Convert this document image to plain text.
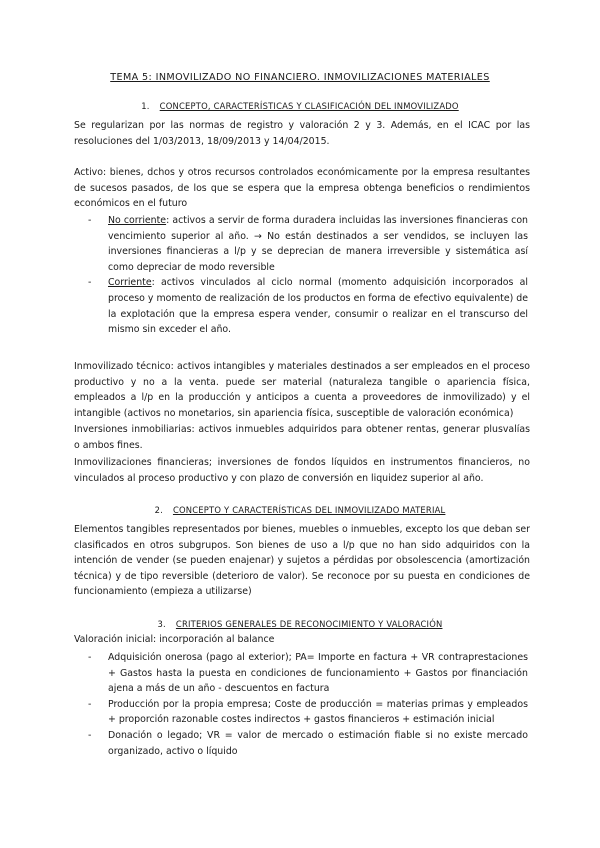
TEMA 5: INMOVILIZADO NO FINANCIERO. INMOVILIZACIONES MATERIALES
1. CONCEPTO, CARACTERÍSTICAS Y CLASIFICACIÓN DEL INMOVILIZADO
Se regularizan por las normas de registro y valoración 2 y 3. Además, en el ICAC por las resoluciones del 1/03/2013, 18/09/2013 y 14/04/2015.
Activo: bienes, dchos y otros recursos controlados económicamente por la empresa resultantes de sucesos pasados, de los que se espera que la empresa obtenga beneficios o rendimientos económicos en el futuro
- No corriente: activos a servir de forma duradera incluidas las inversiones financieras con vencimiento superior al año. → No están destinados a ser vendidos, se incluyen las inversiones financieras a l/p y se deprecian de manera irreversible y sistemática así como depreciar de modo reversible
- Corriente: activos vinculados al ciclo normal (momento adquisición incorporados al proceso y momento de realización de los productos en forma de efectivo equivalente) de la explotación que la empresa espera vender, consumir o realizar en el transcurso del mismo sin exceder el año.
Inmovilizado técnico: activos intangibles y materiales destinados a ser empleados en el proceso productivo y no a la venta. puede ser material (naturaleza tangible o apariencia física, empleados a l/p en la producción y anticipos a cuenta a proveedores de inmovilizado) y el intangible (activos no monetarios, sin apariencia física, susceptible de valoración económica)
Inversiones inmobiliarias: activos inmuebles adquiridos para obtener rentas, generar plusvalías o ambos fines.
Inmovilizaciones financieras; inversiones de fondos líquidos en instrumentos financieros, no vinculados al proceso productivo y con plazo de conversión en liquidez superior al año.
2. CONCEPTO Y CARACTERÍSTICAS DEL INMOVILIZADO MATERIAL
Elementos tangibles representados por bienes, muebles o inmuebles, excepto los que deban ser clasificados en otros subgrupos. Son bienes de uso a l/p que no han sido adquiridos con la intención de vender (se pueden enajenar) y sujetos a pérdidas por obsolescencia (amortización técnica) y de tipo reversible (deterioro de valor). Se reconoce por su puesta en condiciones de funcionamiento (empieza a utilizarse)
3. CRITERIOS GENERALES DE RECONOCIMIENTO Y VALORACIÓN
Valoración inicial: incorporación al balance
- Adquisición onerosa (pago al exterior); PA= Importe en factura + VR contraprestaciones + Gastos hasta la puesta en condiciones de funcionamiento + Gastos por financiación ajena a más de un año - descuentos en factura
- Producción por la propia empresa; Coste de producción = materias primas y empleados + proporción razonable costes indirectos + gastos financieros + estimación inicial
- Donación o legado; VR = valor de mercado o estimación fiable si no existe mercado organizado, activo o líquido
